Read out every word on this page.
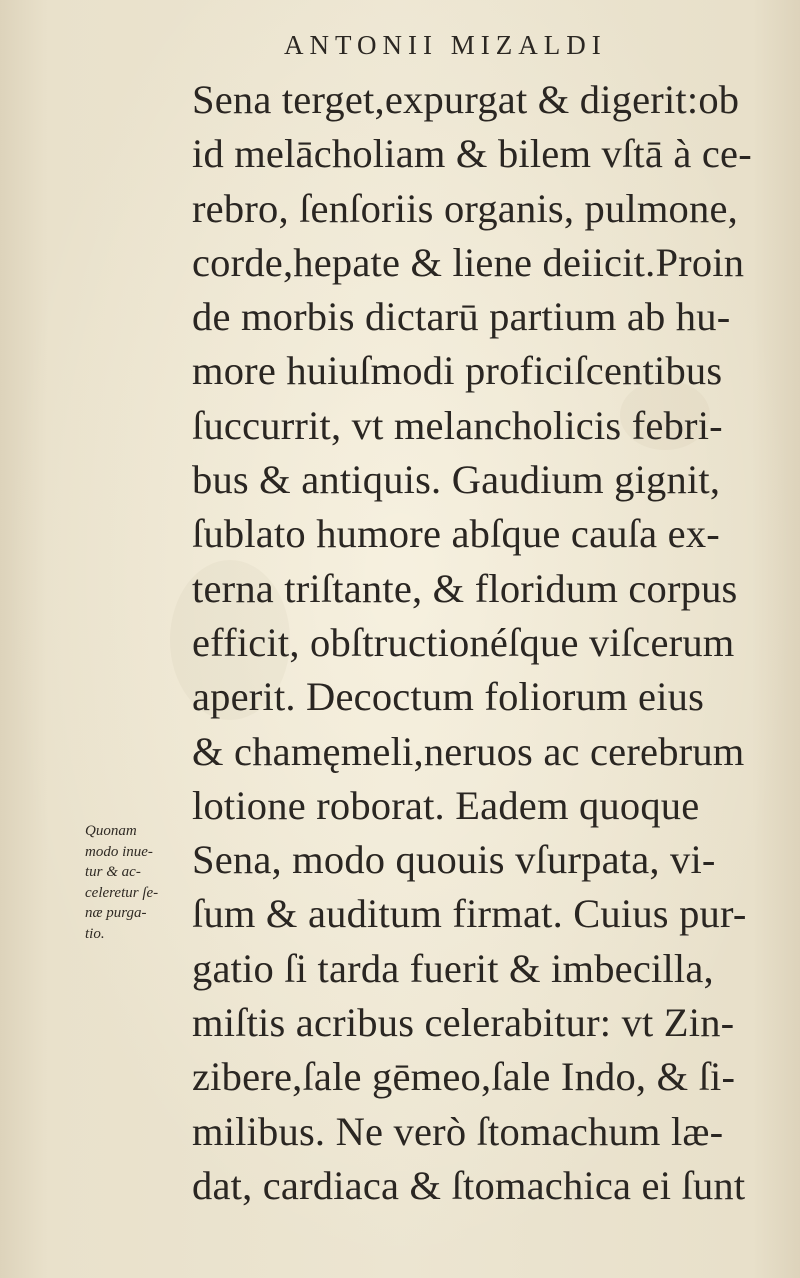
ANTONII MIZALDI
Sena terget,expurgat & digerit:ob
id melācholiam & bilem vſtā à ce-
rebro, ſenſoriis organis, pulmone,
corde,hepate & liene deiicit.Proin
de morbis dictarū partium ab hu-
more huiuſmodi proficiſcentibus
ſuccurrit, vt melancholicis febri-
bus & antiquis. Gaudium gignit,
ſublato humore abſque cauſa ex-
terna triſtante, & floridum corpus
efficit, obſtructionéſque viſcerum
aperit. Decoctum foliorum eius
& chamęmeli,neruos ac cerebrum
lotione roborat. Eadem quoque
Sena, modo quouis vſurpata, vi-
ſum & auditum firmat. Cuius pur-
gatio ſi tarda fuerit & imbecilla,
miſtis acribus celerabitur: vt Zin-
zibere,ſale gēmeo,ſale Indo, & ſi-
milibus. Ne verò ſtomachum læ-
dat, cardiaca & ſtomachica ei ſunt
Quonam
modo inue-
tur & ac-
celeretur ſe-
næ purga-
tio.
